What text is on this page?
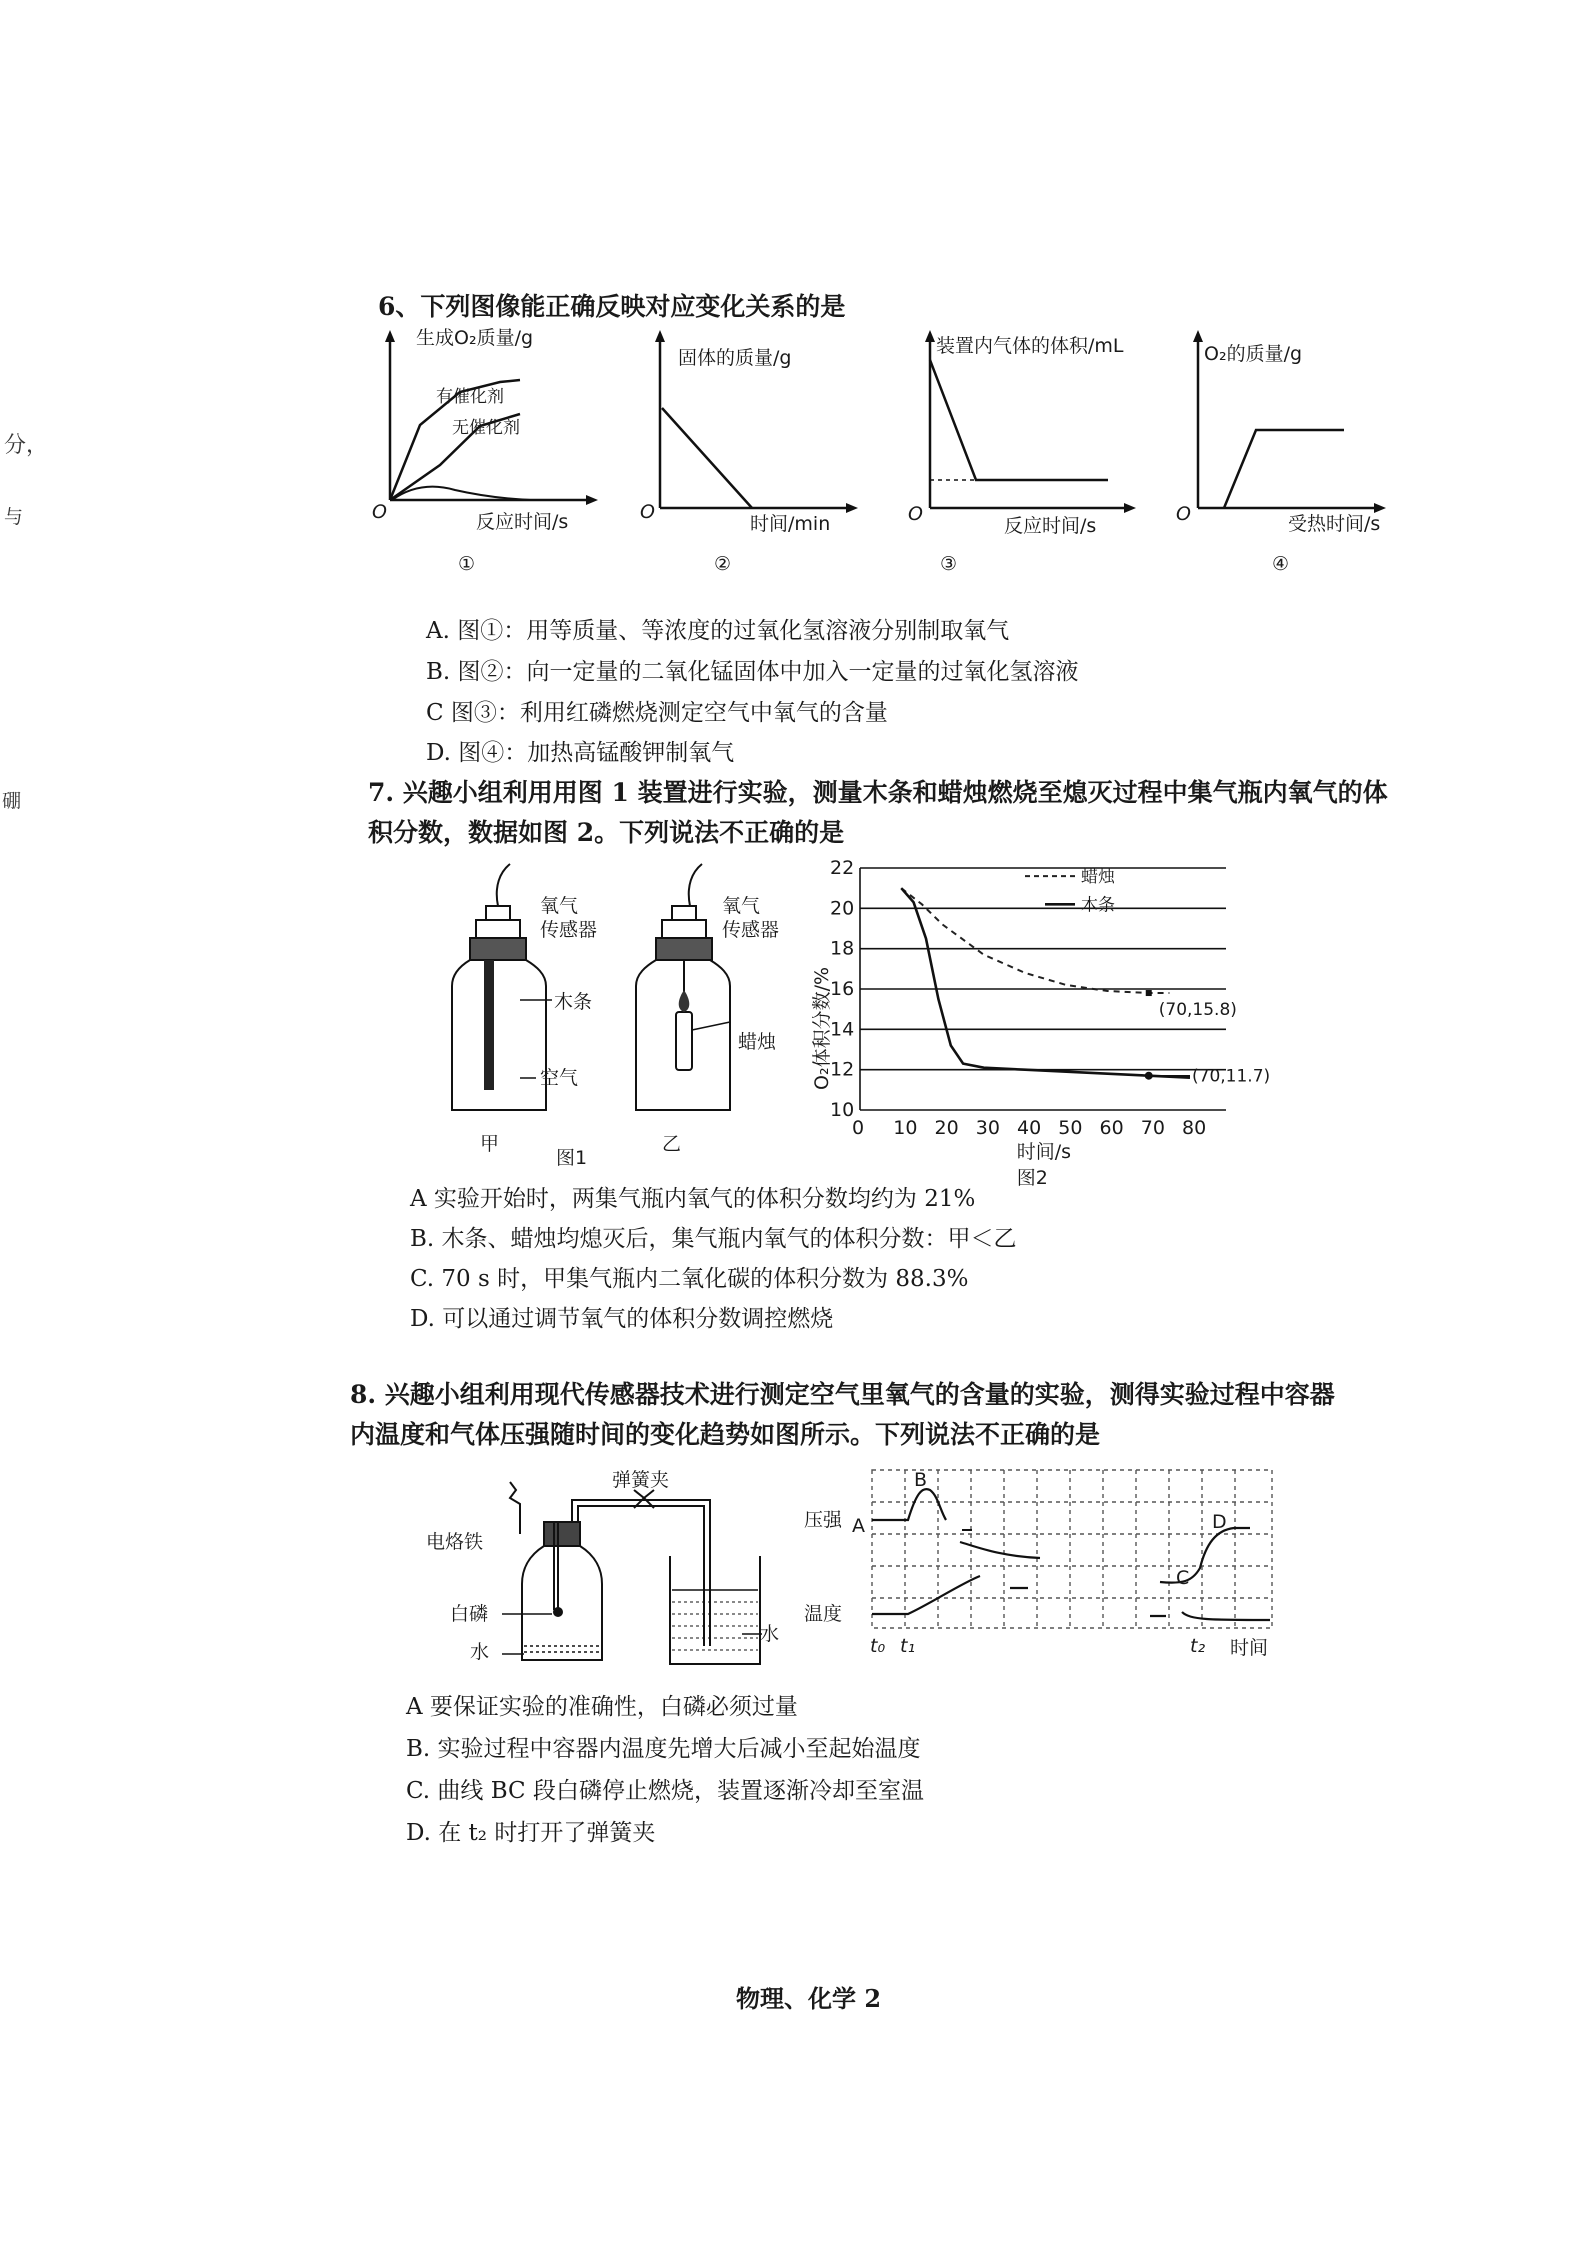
分，
与
硼
6、下列图像能正确反映对应变化关系的是
生成O₂质量/g
有催化剂
无催化剂
O	反应时间/s
①
固体的质量/g
O
时间/min
②
装置内气体的体积/mL
O
反应时间/s
③
O₂的质量/g
O	受热时间/s
④
A. 图①：用等质量、等浓度的过氧化氢溶液分别制取氧气
B. 图②：向一定量的二氧化锰固体中加入一定量的过氧化氢溶液
C 图③：利用红磷燃烧测定空气中氧气的含量
D. 图④：加热高锰酸钾制氧气
7. 兴趣小组利用用图 1 装置进行实验，测量木条和蜡烛燃烧至熄灭过程中集气瓶内氧气的体
积分数，数据如图 2。下列说法不正确的是
氧气
传感器
木条
空气
甲
图1
氧气
传感器
蜡烛
乙
10
12
14
16
18
20
22
0 10 20 30 40 50 60 70 80
(70,15.8)
(70,11.7)
蜡烛
木条
O₂体积分数/%
时间/s
图2
A 实验开始时，两集气瓶内氧气的体积分数均约为 21%
B. 木条、蜡烛均熄灭后，集气瓶内氧气的体积分数：甲＜乙
C. 70 s 时，甲集气瓶内二氧化碳的体积分数为 88.3%
D. 可以通过调节氧气的体积分数调控燃烧
8. 兴趣小组利用现代传感器技术进行测定空气里氧气的含量的实验，测得实验过程中容器
内温度和气体压强随时间的变化趋势如图所示。下列说法不正确的是
弹簧夹
电烙铁
白磷
水
水
A
B
C
D
压强
温度
t₀ t₁	t₂ 时间
A 要保证实验的准确性，白磷必须过量
B. 实验过程中容器内温度先增大后减小至起始温度
C. 曲线 BC 段白磷停止燃烧，装置逐渐冷却至室温
D. 在 t₂ 时打开了弹簧夹
物理、化学 2
